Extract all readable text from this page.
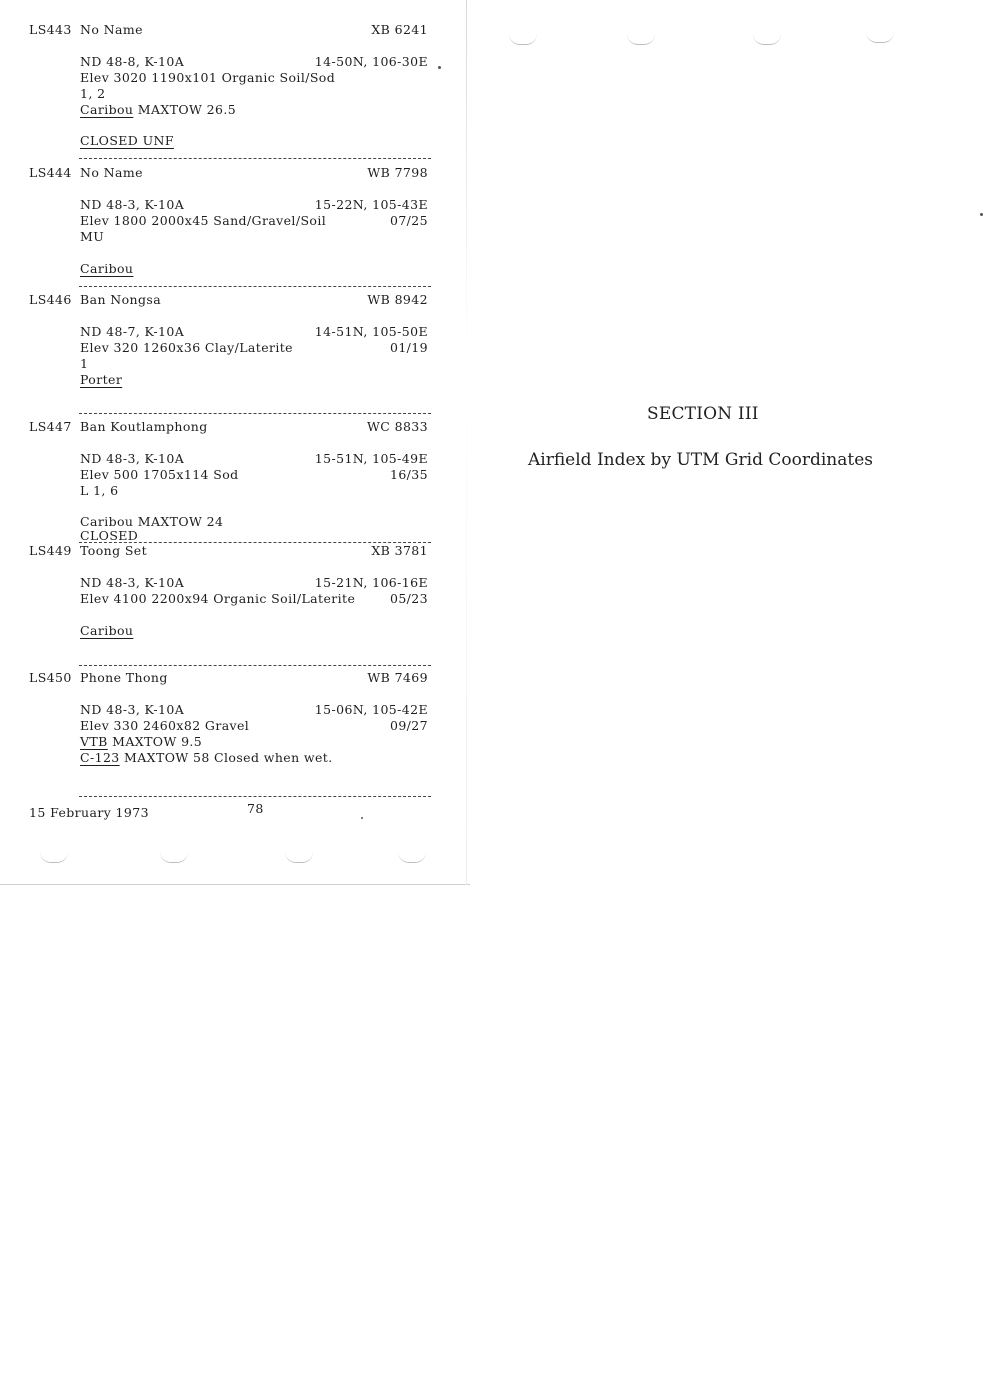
LS443 No Name	XB 6241
ND 48-8, K-10A	14-50N, 106-30E
Elev 3020 1190x101 Organic Soil/Sod
1, 2
Caribou MAXTOW 26.5
CLOSED UNF
LS444 No Name	WB 7798
ND 48-3, K-10A	15-22N, 105-43E
Elev 1800 2000x45 Sand/Gravel/Soil	07/25
MU
Caribou
LS446 Ban Nongsa	WB 8942
ND 48-7, K-10A	14-51N, 105-50E
Elev 320 1260x36 Clay/Laterite	01/19
1
Porter
LS447 Ban Koutlamphong	WC 8833
ND 48-3, K-10A	15-51N, 105-49E
Elev 500 1705x114 Sod	16/35
L 1, 6
Caribou MAXTOW 24
CLOSED
LS449 Toong Set	XB 3781
ND 48-3, K-10A	15-21N, 106-16E
Elev 4100 2200x94 Organic Soil/Laterite	05/23
Caribou
LS450 Phone Thong	WB 7469
ND 48-3, K-10A	15-06N, 105-42E
Elev 330 2460x82 Gravel	09/27
VTB MAXTOW 9.5
C-123 MAXTOW 58 Closed when wet.
15 February 1973	78
SECTION III
Airfield Index by UTM Grid Coordinates
